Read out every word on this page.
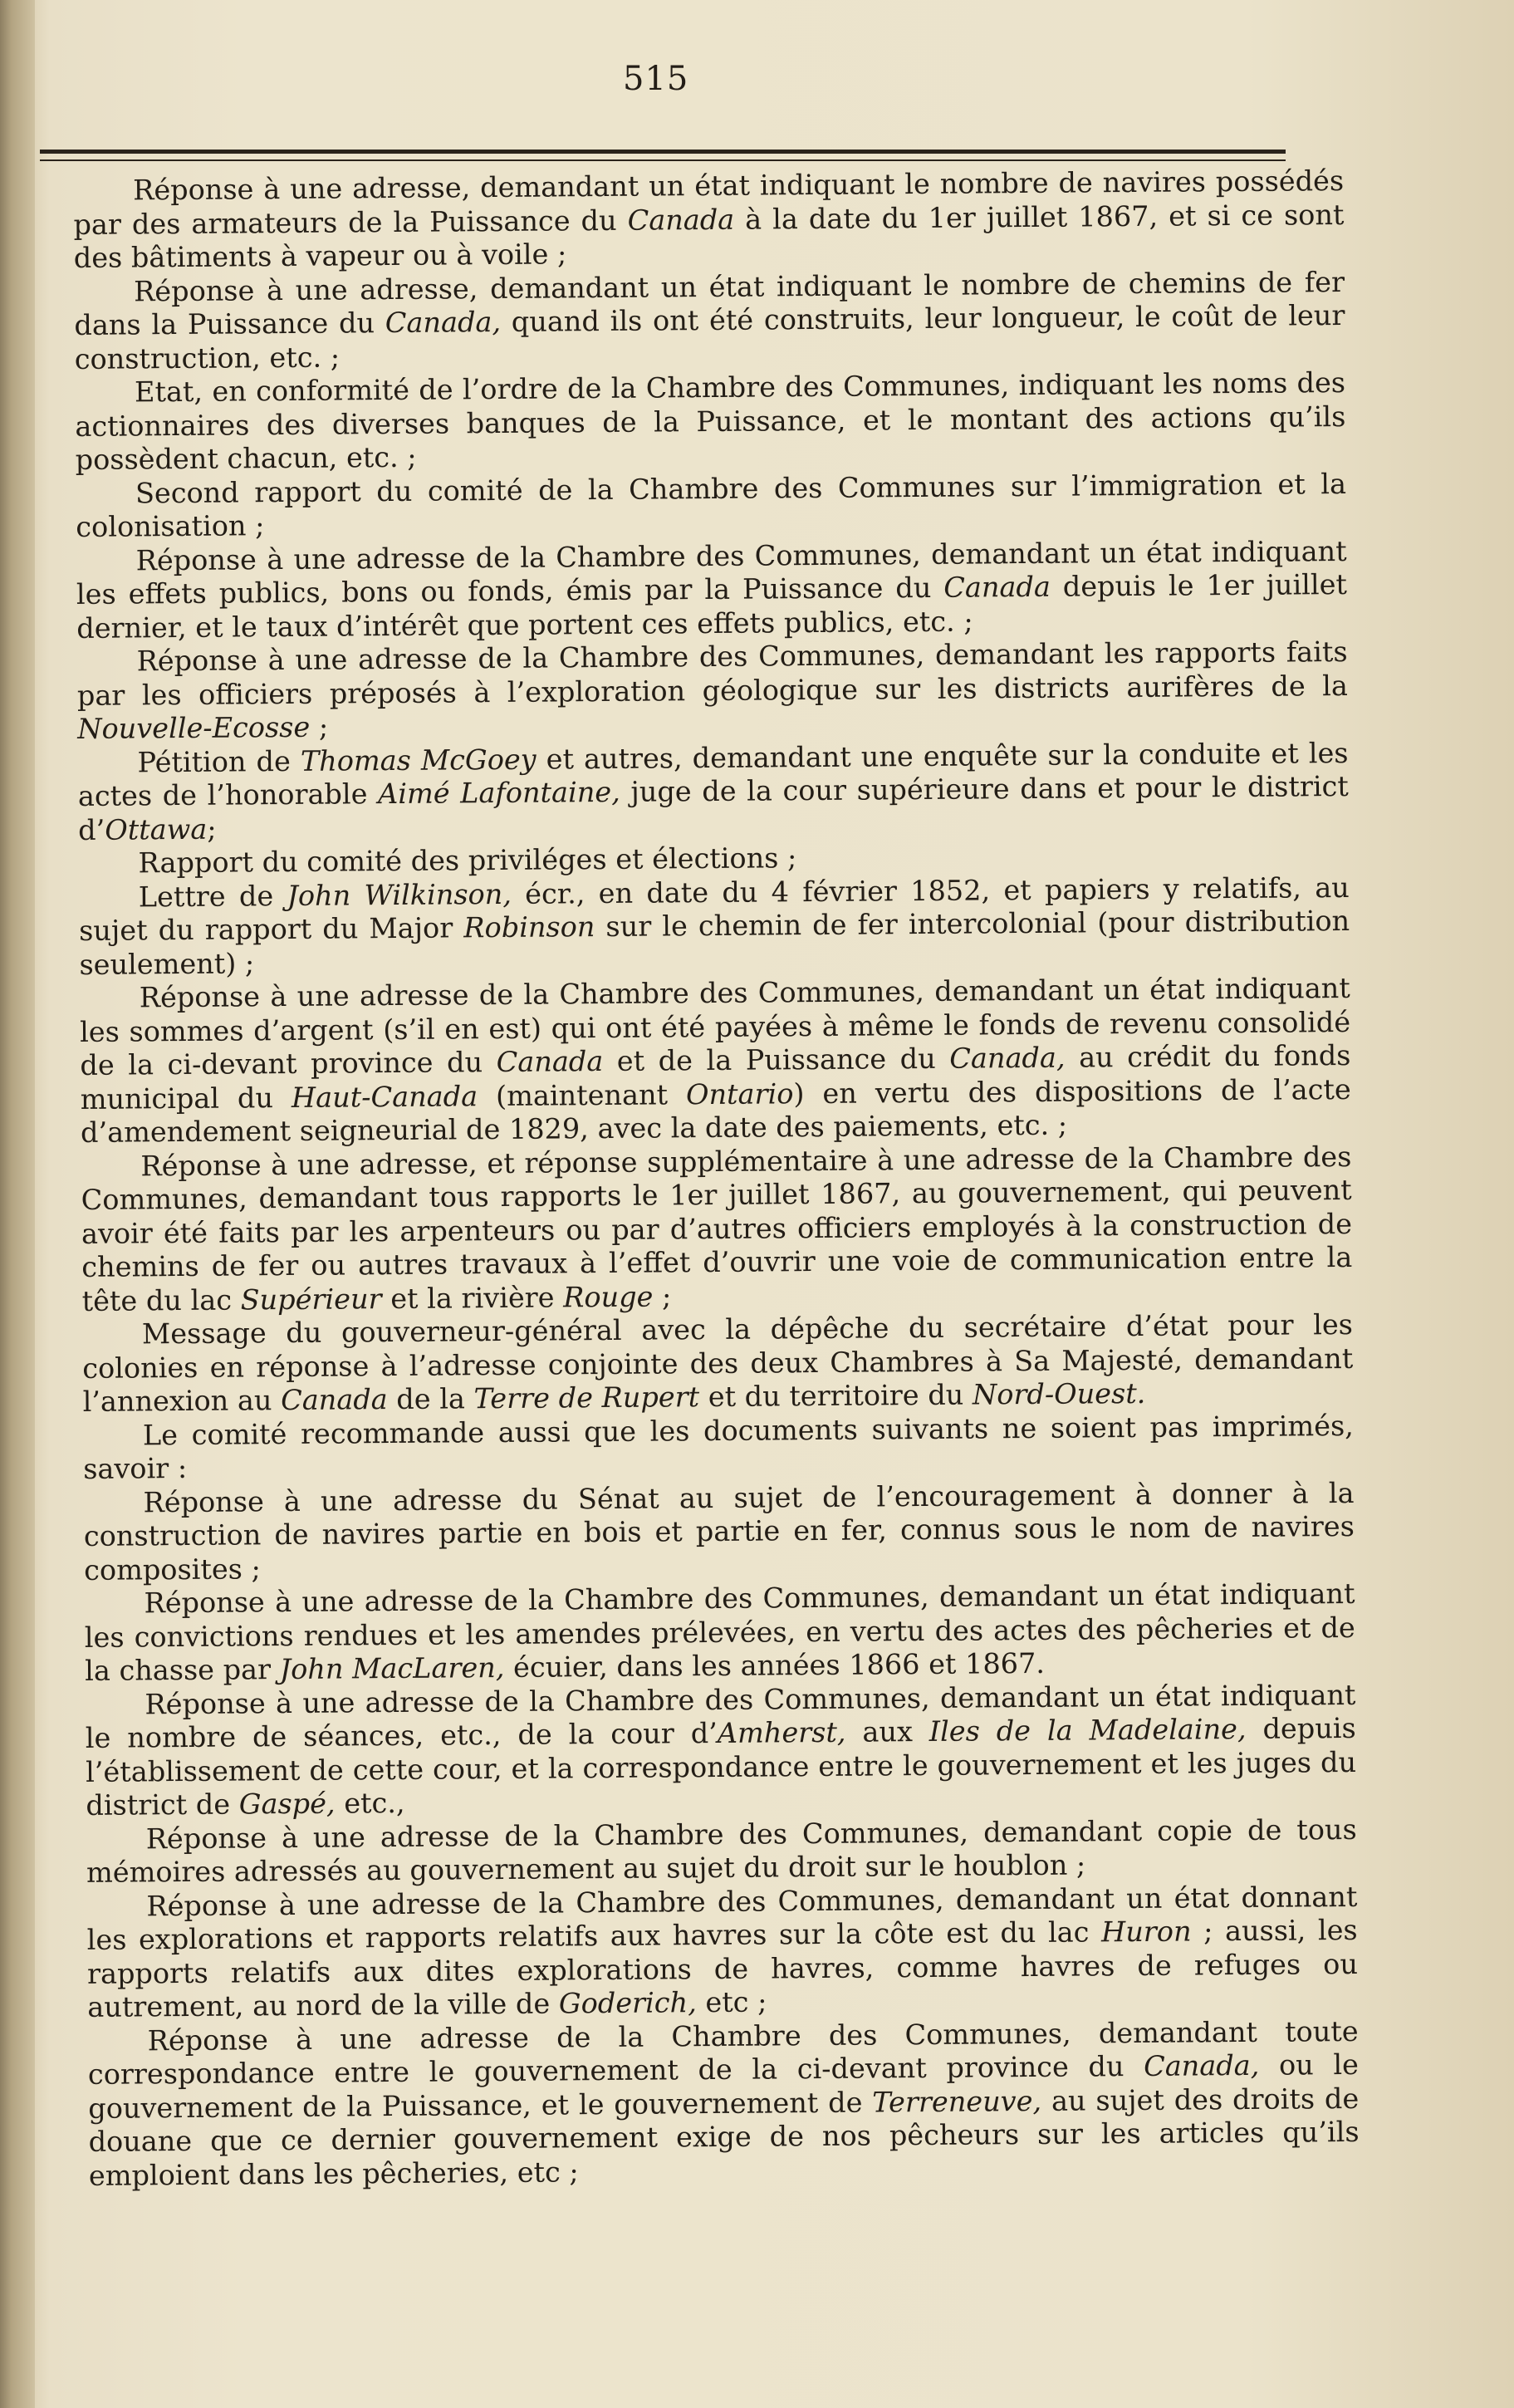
515

Réponse à une adresse, demandant un état indiquant le nombre de navires possédés par des armateurs de la Puissance du Canada à la date du 1er juillet 1867, et si ce sont des bâtiments à vapeur ou à voile ;

Réponse à une adresse, demandant un état indiquant le nombre de chemins de fer dans la Puissance du Canada, quand ils ont été construits, leur longueur, le coût de leur construction, etc. ;

Etat, en conformité de l’ordre de la Chambre des Communes, indiquant les noms des actionnaires des diverses banques de la Puissance, et le montant des actions qu’ils possèdent chacun, etc. ;

Second rapport du comité de la Chambre des Communes sur l’immigration et la colonisation ;

Réponse à une adresse de la Chambre des Communes, demandant un état indiquant les effets publics, bons ou fonds, émis par la Puissance du Canada depuis le 1er juillet dernier, et le taux d’intérêt que portent ces effets publics, etc. ;

Réponse à une adresse de la Chambre des Communes, demandant les rapports faits par les officiers préposés à l’exploration géologique sur les districts aurifères de la Nouvelle-Ecosse ;

Pétition de Thomas McGoey et autres, demandant une enquête sur la conduite et les actes de l’honorable Aimé Lafontaine, juge de la cour supérieure dans et pour le district d’Ottawa;

Rapport du comité des priviléges et élections ;

Lettre de John Wilkinson, écr., en date du 4 février 1852, et papiers y relatifs, au sujet du rapport du Major Robinson sur le chemin de fer intercolonial (pour distribution seulement) ;

Réponse à une adresse de la Chambre des Communes, demandant un état indiquant les sommes d’argent (s’il en est) qui ont été payées à même le fonds de revenu consolidé de la ci-devant province du Canada et de la Puissance du Canada, au crédit du fonds municipal du Haut-Canada (maintenant Ontario) en vertu des dispositions de l’acte d’amendement seigneurial de 1829, avec la date des paiements, etc. ;

Réponse à une adresse, et réponse supplémentaire à une adresse de la Chambre des Communes, demandant tous rapports le 1er juillet 1867, au gouvernement, qui peuvent avoir été faits par les arpenteurs ou par d’autres officiers employés à la construction de chemins de fer ou autres travaux à l’effet d’ouvrir une voie de communication entre la tête du lac Supérieur et la rivière Rouge ;

Message du gouverneur-général avec la dépêche du secrétaire d’état pour les colonies en réponse à l’adresse conjointe des deux Chambres à Sa Majesté, demandant l’annexion au Canada de la Terre de Rupert et du territoire du Nord-Ouest.

Le comité recommande aussi que les documents suivants ne soient pas imprimés, savoir :

Réponse à une adresse du Sénat au sujet de l’encouragement à donner à la construction de navires partie en bois et partie en fer, connus sous le nom de navires composites ;

Réponse à une adresse de la Chambre des Communes, demandant un état indiquant les convictions rendues et les amendes prélevées, en vertu des actes des pêcheries et de la chasse par John MacLaren, écuier, dans les années 1866 et 1867.

Réponse à une adresse de la Chambre des Communes, demandant un état indiquant le nombre de séances, etc., de la cour d’Amherst, aux Iles de la Madelaine, depuis l’établissement de cette cour, et la correspondance entre le gouvernement et les juges du district de Gaspé, etc.,

Réponse à une adresse de la Chambre des Communes, demandant copie de tous mémoires adressés au gouvernement au sujet du droit sur le houblon ;

Réponse à une adresse de la Chambre des Communes, demandant un état donnant les explorations et rapports relatifs aux havres sur la côte est du lac Huron ; aussi, les rapports relatifs aux dites explorations de havres, comme havres de refuges ou autrement, au nord de la ville de Goderich, etc ;

Réponse à une adresse de la Chambre des Communes, demandant toute correspondance entre le gouvernement de la ci-devant province du Canada, ou le gouvernement de la Puissance, et le gouvernement de Terreneuve, au sujet des droits de douane que ce dernier gouvernement exige de nos pêcheurs sur les articles qu’ils emploient dans les pêcheries, etc ;
